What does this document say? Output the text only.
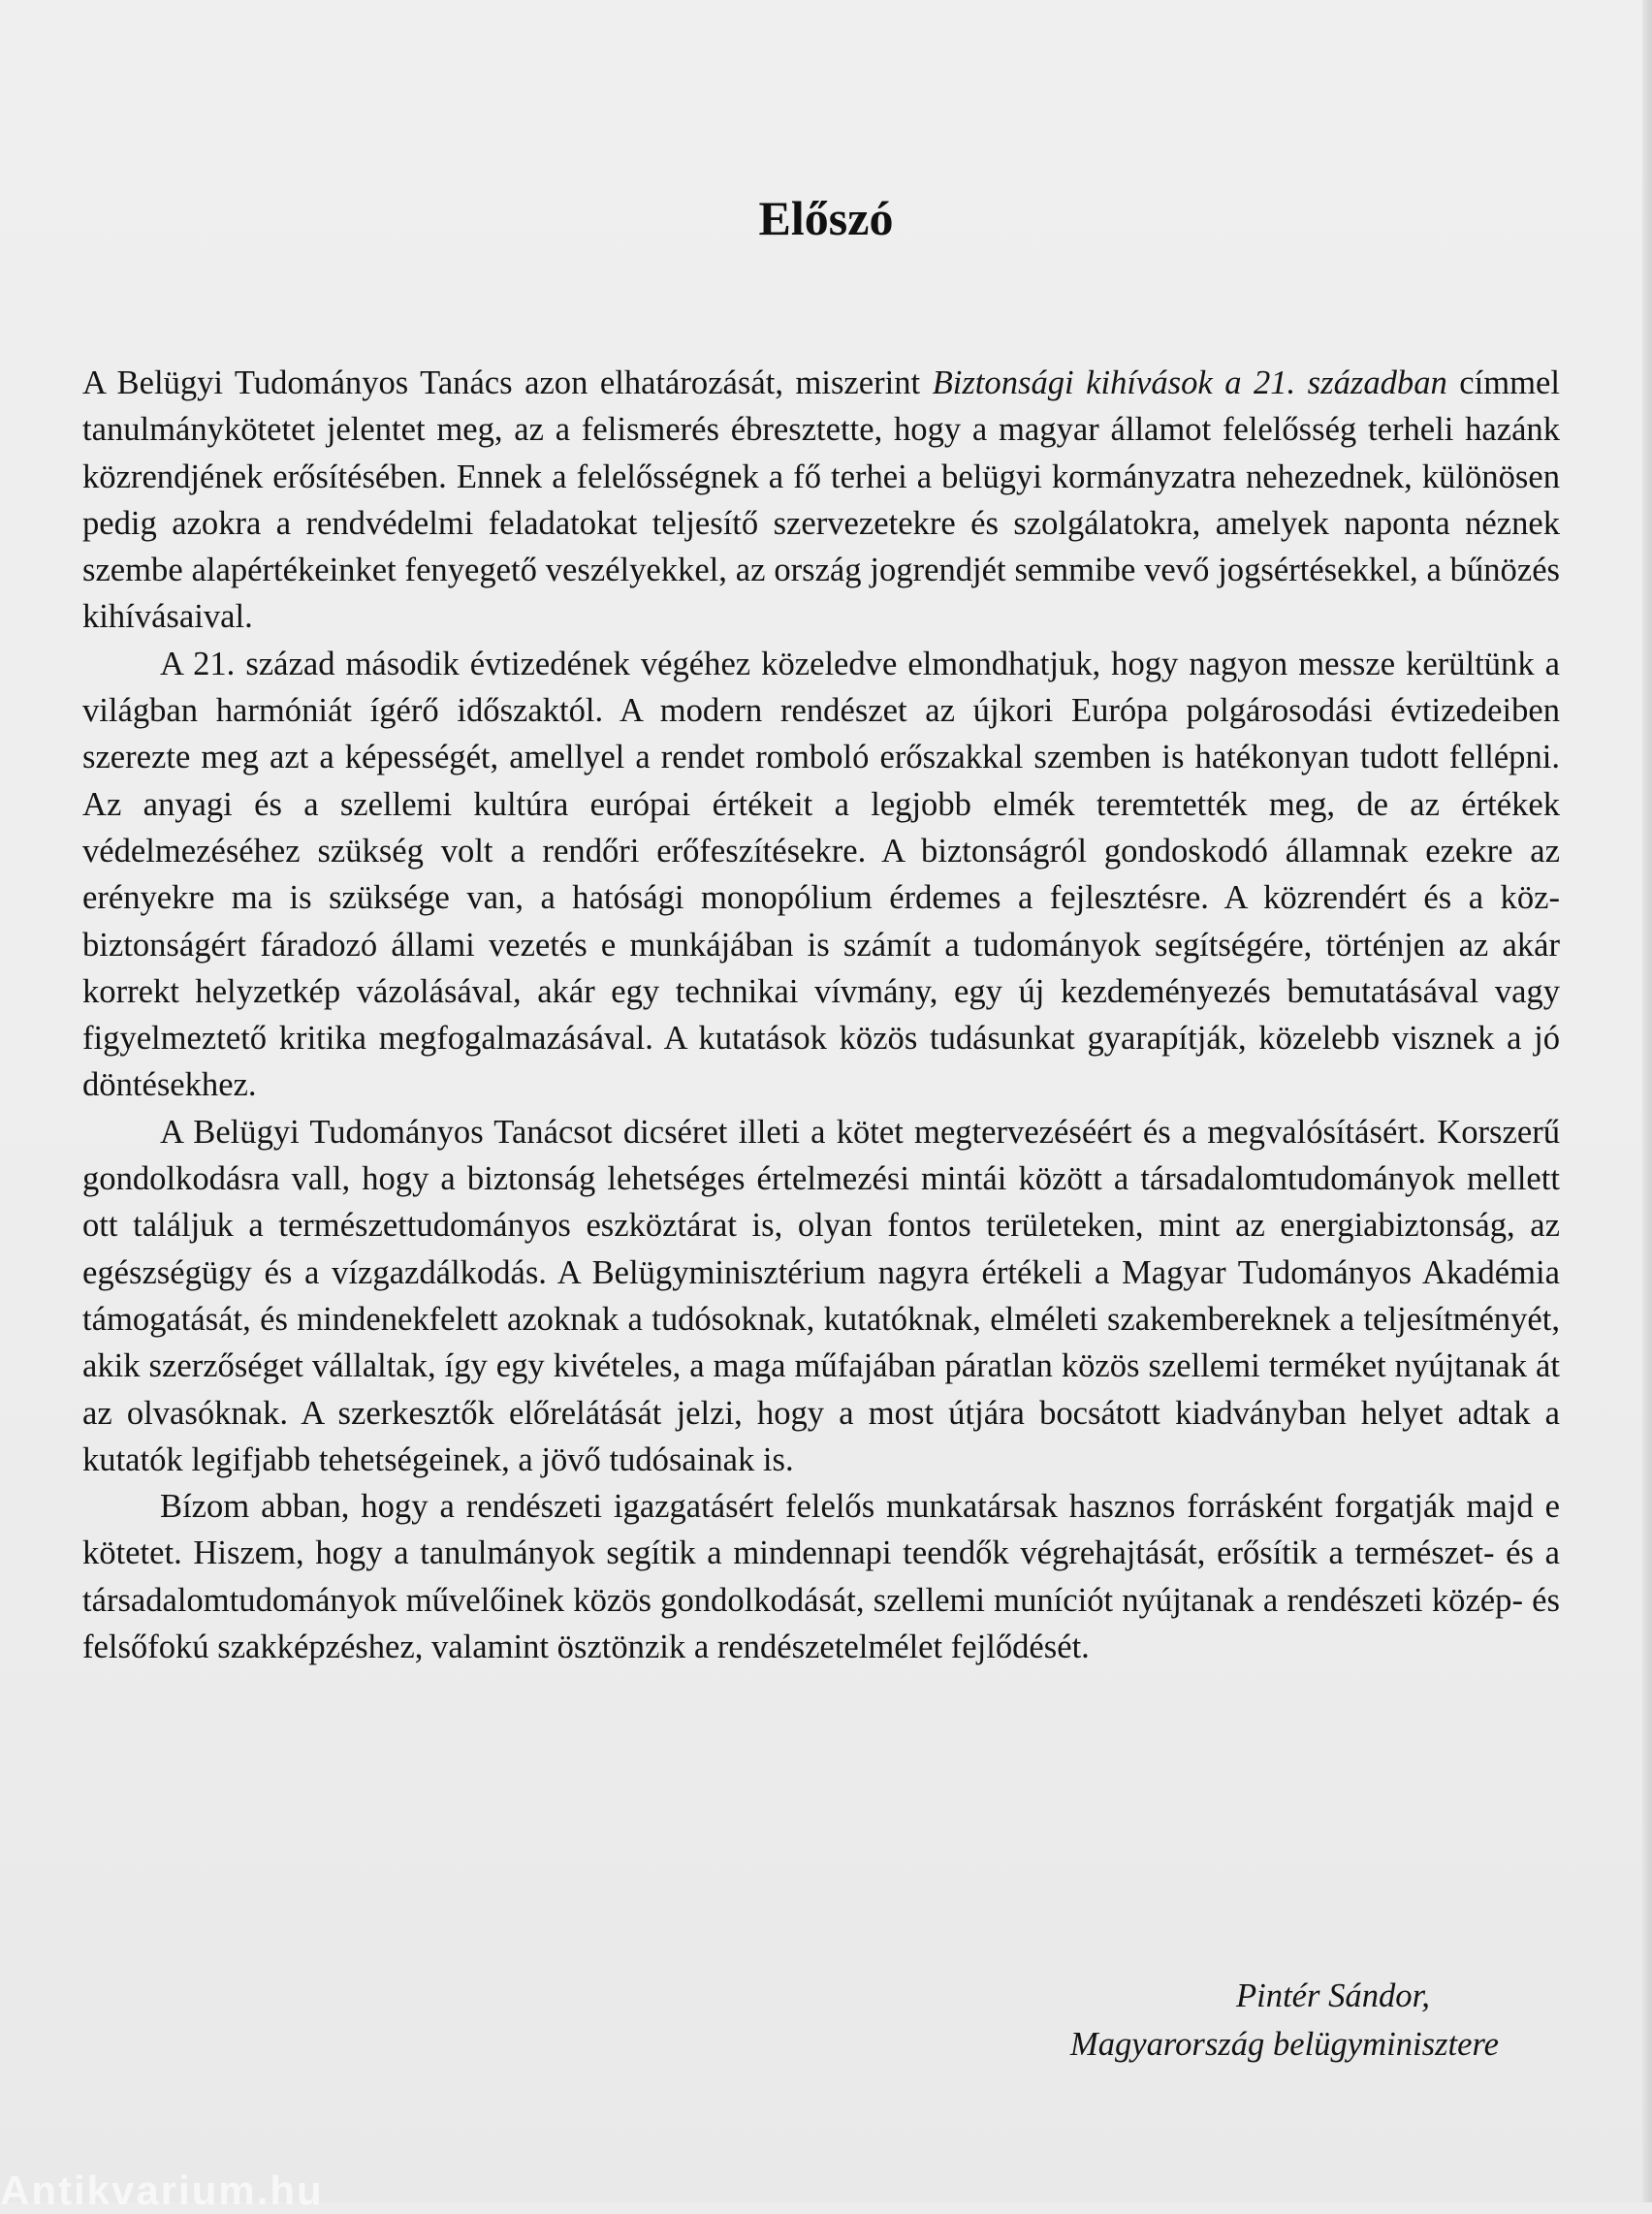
Előszó

A Belügyi Tudományos Tanács azon elhatározását, miszerint Biztonsági kihívások a 21. században címmel tanulmánykötetet jelentet meg, az a felismerés ébresztette, hogy a magyar államot felelősség terheli hazánk közrendjének erősítésében. Ennek a felelősségnek a fő terhei a belügyi kormányzatra nehezednek, különösen pedig azokra a rendvédelmi feladatokat teljesítő szervezetekre és szolgálatokra, amelyek naponta néznek szembe alapértékeinket fenyegető veszélyekkel, az ország jogrendjét semmibe vevő jogsértésekkel, a bűnözés kihívásaival.

A 21. század második évtizedének végéhez közeledve elmondhatjuk, hogy nagyon messze kerültünk a világban harmóniát ígérő időszaktól. A modern rendészet az újkori Európa polgárosodási évtizedeiben szerezte meg azt a képességét, amellyel a rendet romboló erőszakkal szemben is hatékonyan tudott fellépni. Az anyagi és a szellemi kultúra európai értékeit a legjobb elmék teremtették meg, de az értékek védelmezéséhez szükség volt a rendőri erőfeszítésekre. A biztonságról gondoskodó államnak ezekre az erényekre ma is szüksége van, a hatósági monopólium érdemes a fejlesztésre. A közrendért és a közbiztonságért fáradozó állami vezetés e munkájában is számít a tudományok segítségére, történjen az akár korrekt helyzetkép vázolásával, akár egy technikai vívmány, egy új kezdeményezés bemutatásával vagy figyelmeztető kritika megfogalmazásával. A kutatások közös tudásunkat gyarapítják, közelebb visznek a jó döntésekhez.

A Belügyi Tudományos Tanácsot dicséret illeti a kötet megtervezéséért és a megvalósításért. Korszerű gondolkodásra vall, hogy a biztonság lehetséges értelmezési mintái között a társadalomtudományok mellett ott találjuk a természettudományos eszköztárat is, olyan fontos területeken, mint az energiabiztonság, az egészségügy és a vízgazdálkodás. A Belügyminisztérium nagyra értékeli a Magyar Tudományos Akadémia támogatását, és mindenekfelett azoknak a tudósoknak, kutatóknak, elméleti szakembereknek a teljesítményét, akik szerzőséget vállaltak, így egy kivételes, a maga műfajában páratlan közös szellemi terméket nyújtanak át az olvasóknak. A szerkesztők előrelátását jelzi, hogy a most útjára bocsátott kiadványban helyet adtak a kutatók legifjabb tehetségeinek, a jövő tudósainak is.

Bízom abban, hogy a rendészeti igazgatásért felelős munkatársak hasznos forrásként forgatják majd e kötetet. Hiszem, hogy a tanulmányok segítik a mindennapi teendők végrehajtását, erősítik a természet- és a társadalomtudományok művelőinek közös gondolkodását, szellemi muníciót nyújtanak a rendészeti közép- és felsőfokú szakképzéshez, valamint ösztönzik a rendészetelmélet fejlődését.

Pintér Sándor,
Magyarország belügyminisztere
Antikvarium.hu
